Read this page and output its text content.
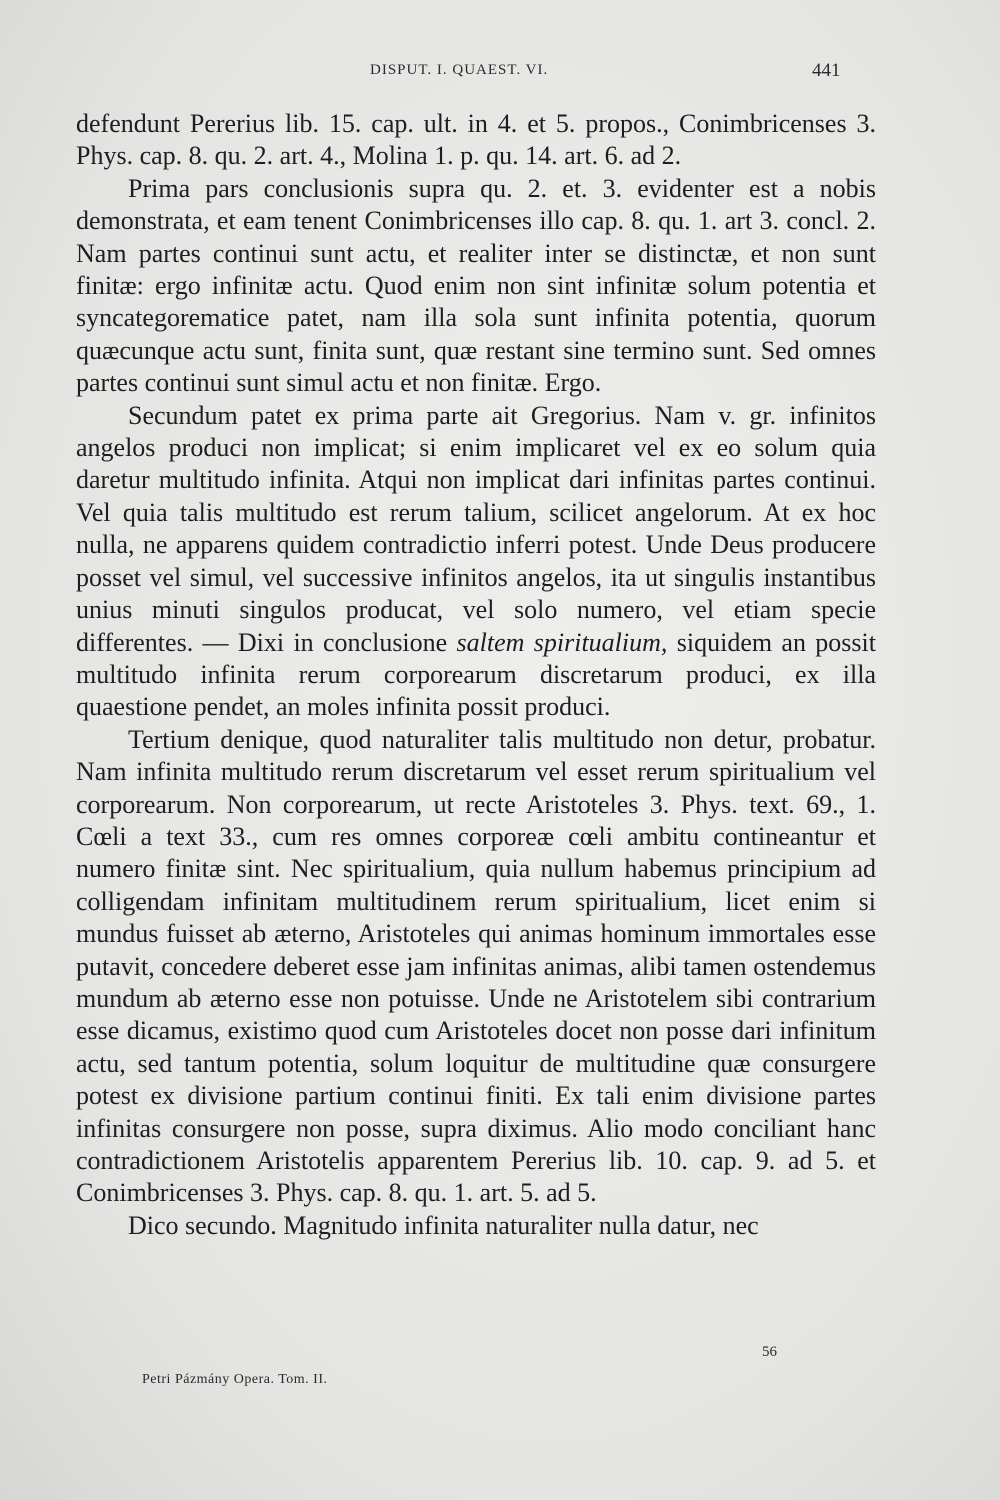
DISPUT. I. QUAEST. VI.	441

defendunt Pererius lib. 15. cap. ult. in 4. et 5. propos., Conimbricenses 3. Phys. cap. 8. qu. 2. art. 4., Molina 1. p. qu. 14. art. 6. ad 2.

Prima pars conclusionis supra qu. 2. et. 3. evidenter est a nobis demonstrata, et eam tenent Conimbricenses illo cap. 8. qu. 1. art 3. concl. 2. Nam partes continui sunt actu, et realiter inter se distinctæ, et non sunt finitæ: ergo infinitæ actu. Quod enim non sint infinitæ solum potentia et syncategorematice patet, nam illa sola sunt infinita potentia, quorum quæcunque actu sunt, finita sunt, quæ restant sine termino sunt. Sed omnes partes continui sunt simul actu et non finitæ. Ergo.

Secundum patet ex prima parte ait Gregorius. Nam v. gr. infinitos angelos produci non implicat; si enim implicaret vel ex eo solum quia daretur multitudo infinita. Atqui non implicat dari infinitas partes continui. Vel quia talis multitudo est rerum talium, scilicet angelorum. At ex hoc nulla, ne apparens quidem contradictio inferri potest. Unde Deus producere posset vel simul, vel successive infinitos angelos, ita ut singulis instantibus unius minuti singulos producat, vel solo numero, vel etiam specie differentes. — Dixi in conclusione saltem spiritualium, siquidem an possit multitudo infinita rerum corporearum discretarum produci, ex illa quaestione pendet, an moles infinita possit produci.

Tertium denique, quod naturaliter talis multitudo non detur, probatur. Nam infinita multitudo rerum discretarum vel esset rerum spiritualium vel corporearum. Non corporearum, ut recte Aristoteles 3. Phys. text. 69., 1. Cœli a text 33., cum res omnes corporeæ cœli ambitu contineantur et numero finitæ sint. Nec spiritualium, quia nullum habemus principium ad colligendam infinitam multitudinem rerum spiritualium, licet enim si mundus fuisset ab æterno, Aristoteles qui animas hominum immortales esse putavit, concedere deberet esse jam infinitas animas, alibi tamen ostendemus mundum ab æterno esse non potuisse. Unde ne Aristotelem sibi contrarium esse dicamus, existimo quod cum Aristoteles docet non posse dari infinitum actu, sed tantum potentia, solum loquitur de multitudine quæ consurgere potest ex divisione partium continui finiti. Ex tali enim divisione partes infinitas consurgere non posse, supra diximus. Alio modo conciliant hanc contradictionem Aristotelis apparentem Pererius lib. 10. cap. 9. ad 5. et Conimbricenses 3. Phys. cap. 8. qu. 1. art. 5. ad 5.

Dico secundo. Magnitudo infinita naturaliter nulla datur, nec

56
Petri Pázmány Opera. Tom. II.
